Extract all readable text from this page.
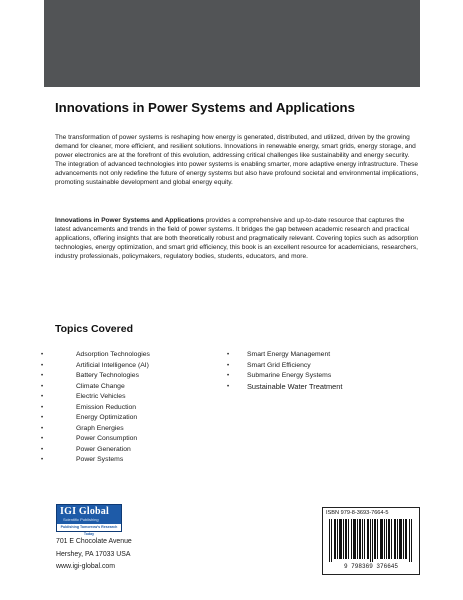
Innovations in Power Systems and Applications

The transformation of power systems is reshaping how energy is generated, distributed, and utilized, driven by the growing demand for cleaner, more efficient, and resilient solutions. Innovations in renewable energy, smart grids, energy storage, and power electronics are at the forefront of this evolution, addressing critical challenges like sustainability and energy security. The integration of advanced technologies into power systems is enabling smarter, more adaptive energy infrastructure. These advancements not only redefine the future of energy systems but also have profound societal and environmental implications, promoting sustainable development and global energy equity.

Innovations in Power Systems and Applications provides a comprehensive and up-to-date resource that captures the latest advancements and trends in the field of power systems. It bridges the gap between academic research and practical applications, offering insights that are both theoretically robust and pragmatically relevant. Covering topics such as adsorption technologies, energy optimization, and smart grid efficiency, this book is an excellent resource for academicians, researchers, industry professionals, policymakers, regulatory bodies, students, educators, and more.

Topics Covered
•	Adsorption Technologies
•	Artificial Intelligence (AI)
•	Battery Technologies
•	Climate Change
•	Electric Vehicles
•	Emission Reduction
•	Energy Optimization
•	Graph Energies
•	Power Consumption
•	Power Generation
•	Power Systems
•	Smart Energy Management
•	Smart Grid Efficiency
•	Submarine Energy Systems
• Sustainable Water Treatment
IGI Global
Scientific Publishing
Publishing Tomorrow's Research Today

701 E Chocolate Avenue

Hershey, PA 17033 USA

www.igi-global.com

ISBN 979-8-3693-7664-5
9 798369 376645
